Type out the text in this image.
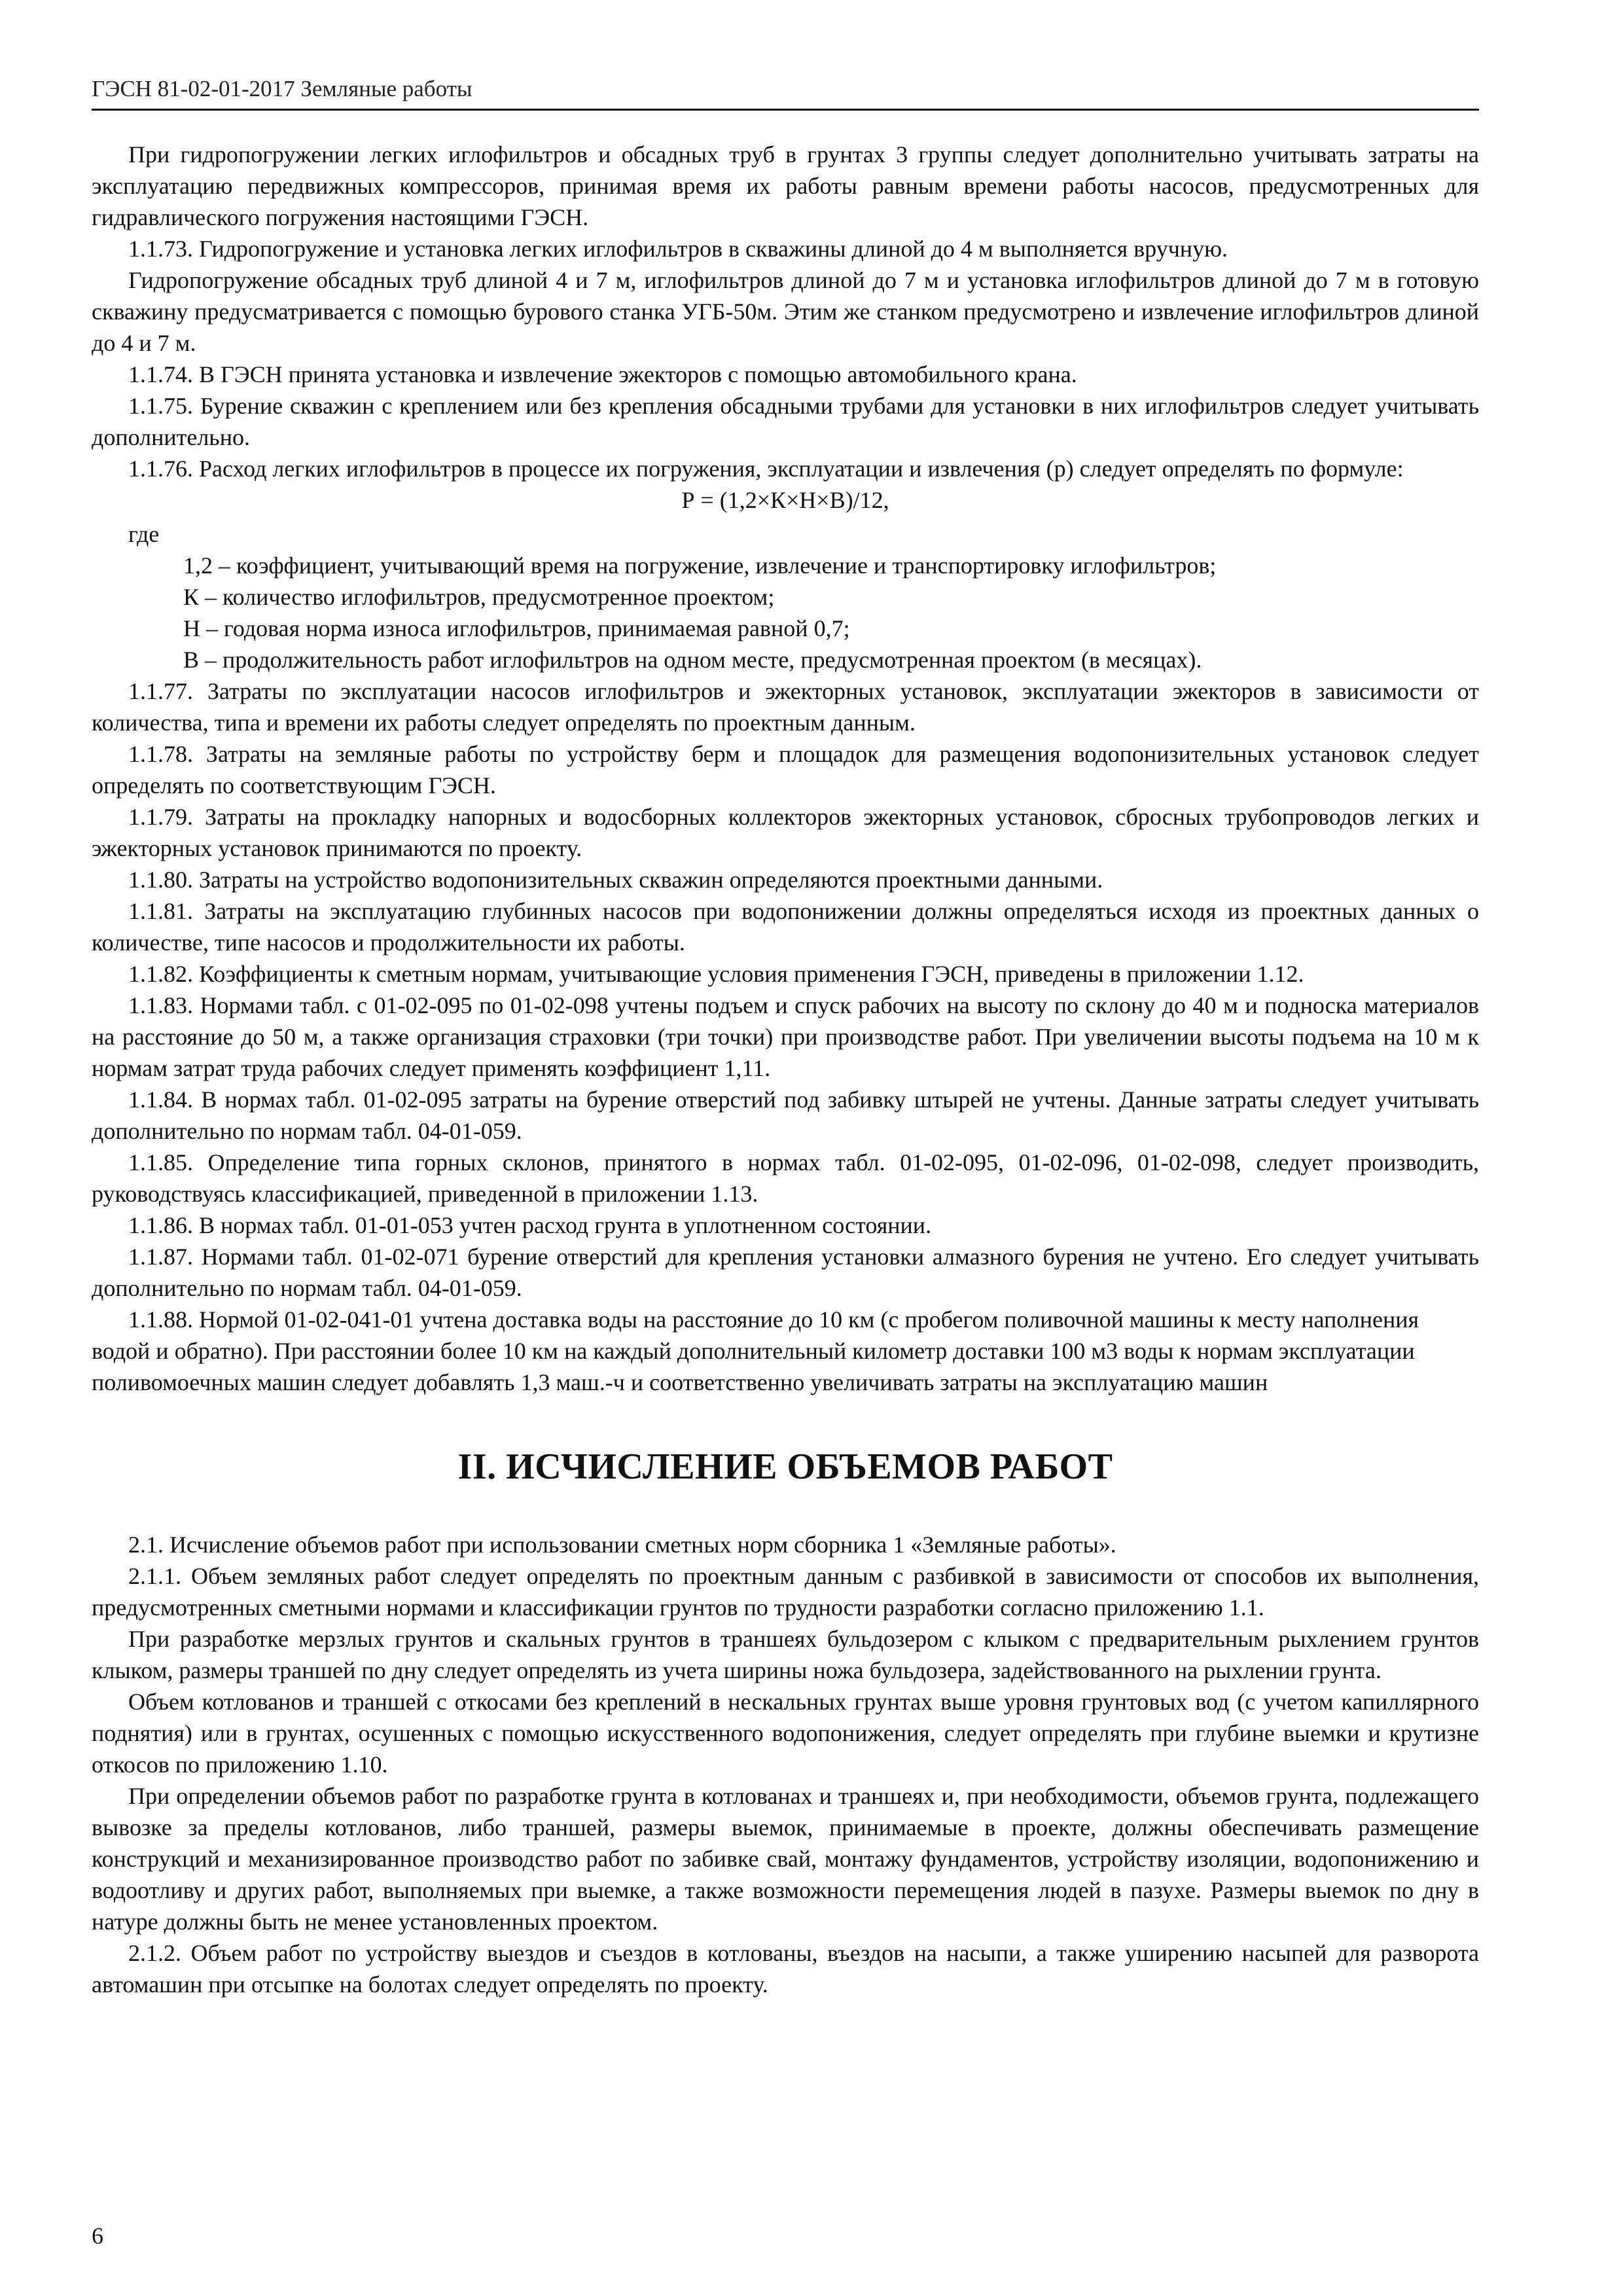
ГЭСН 81-02-01-2017 Земляные работы

При гидропогружении легких иглофильтров и обсадных труб в грунтах 3 группы следует дополнительно учитывать затраты на эксплуатацию передвижных компрессоров, принимая время их работы равным времени работы насосов, предусмотренных для гидравлического погружения настоящими ГЭСН.

1.1.73. Гидропогружение и установка легких иглофильтров в скважины длиной до 4 м выполняется вручную.

Гидропогружение обсадных труб длиной 4 и 7 м, иглофильтров длиной до 7 м и установка иглофильтров длиной до 7 м в готовую скважину предусматривается с помощью бурового станка УГБ-50м. Этим же станком предусмотрено и извлечение иглофильтров длиной до 4 и 7 м.

1.1.74. В ГЭСН принята установка и извлечение эжекторов с помощью автомобильного крана.

1.1.75. Бурение скважин с креплением или без крепления обсадными трубами для установки в них иглофильтров следует учитывать дополнительно.

1.1.76. Расход легких иглофильтров в процессе их погружения, эксплуатации и извлечения (р) следует определять по формуле:

Р = (1,2×К×Н×В)/12,

где

1,2 – коэффициент, учитывающий время на погружение, извлечение и транспортировку иглофильтров;

К – количество иглофильтров, предусмотренное проектом;

Н – годовая норма износа иглофильтров, принимаемая равной 0,7;

В – продолжительность работ иглофильтров на одном месте, предусмотренная проектом (в месяцах).

1.1.77. Затраты по эксплуатации насосов иглофильтров и эжекторных установок, эксплуатации эжекторов в зависимости от количества, типа и времени их работы следует определять по проектным данным.

1.1.78. Затраты на земляные работы по устройству берм и площадок для размещения водопонизительных установок следует определять по соответствующим ГЭСН.

1.1.79. Затраты на прокладку напорных и водосборных коллекторов эжекторных установок, сбросных трубопроводов легких и эжекторных установок принимаются по проекту.

1.1.80. Затраты на устройство водопонизительных скважин определяются проектными данными.

1.1.81. Затраты на эксплуатацию глубинных насосов при водопонижении должны определяться исходя из проектных данных о количестве, типе насосов и продолжительности их работы.

1.1.82. Коэффициенты к сметным нормам, учитывающие условия применения ГЭСН, приведены в приложении 1.12.

1.1.83. Нормами табл. с 01-02-095 по 01-02-098 учтены подъем и спуск рабочих на высоту по склону до 40 м и подноска материалов на расстояние до 50 м, а также организация страховки (три точки) при производстве работ. При увеличении высоты подъема на 10 м к нормам затрат труда рабочих следует применять коэффициент 1,11.

1.1.84. В нормах табл. 01-02-095 затраты на бурение отверстий под забивку штырей не учтены. Данные затраты следует учитывать дополнительно по нормам табл. 04-01-059.

1.1.85. Определение типа горных склонов, принятого в нормах табл. 01-02-095, 01-02-096, 01-02-098, следует производить, руководствуясь классификацией, приведенной в приложении 1.13.

1.1.86. В нормах табл. 01-01-053 учтен расход грунта в уплотненном состоянии.

1.1.87. Нормами табл. 01-02-071 бурение отверстий для крепления установки алмазного бурения не учтено. Его следует учитывать дополнительно по нормам табл. 04-01-059.

1.1.88. Нормой 01-02-041-01 учтена доставка воды на расстояние до 10 км (с пробегом поливочной машины к месту наполнения водой и обратно). При расстоянии более 10 км на каждый дополнительный километр доставки 100 м3 воды к нормам эксплуатации поливомоечных машин следует добавлять 1,3 маш.-ч и соответственно увеличивать затраты на эксплуатацию машин

II. ИСЧИСЛЕНИЕ ОБЪЕМОВ РАБОТ

2.1. Исчисление объемов работ при использовании сметных норм сборника 1 «Земляные работы».

2.1.1. Объем земляных работ следует определять по проектным данным с разбивкой в зависимости от способов их выполнения, предусмотренных сметными нормами и классификации грунтов по трудности разработки согласно приложению 1.1.

При разработке мерзлых грунтов и скальных грунтов в траншеях бульдозером с клыком с предварительным рыхлением грунтов клыком, размеры траншей по дну следует определять из учета ширины ножа бульдозера, задействованного на рыхлении грунта.

Объем котлованов и траншей с откосами без креплений в нескальных грунтах выше уровня грунтовых вод (с учетом капиллярного поднятия) или в грунтах, осушенных с помощью искусственного водопонижения, следует определять при глубине выемки и крутизне откосов по приложению 1.10.

При определении объемов работ по разработке грунта в котлованах и траншеях и, при необходимости, объемов грунта, подлежащего вывозке за пределы котлованов, либо траншей, размеры выемок, принимаемые в проекте, должны обеспечивать размещение конструкций и механизированное производство работ по забивке свай, монтажу фундаментов, устройству изоляции, водопонижению и водоотливу и других работ, выполняемых при выемке, а также возможности перемещения людей в пазухе. Размеры выемок по дну в натуре должны быть не менее установленных проектом.

2.1.2. Объем работ по устройству выездов и съездов в котлованы, въездов на насыпи, а также уширению насыпей для разворота автомашин при отсыпке на болотах следует определять по проекту.

6
